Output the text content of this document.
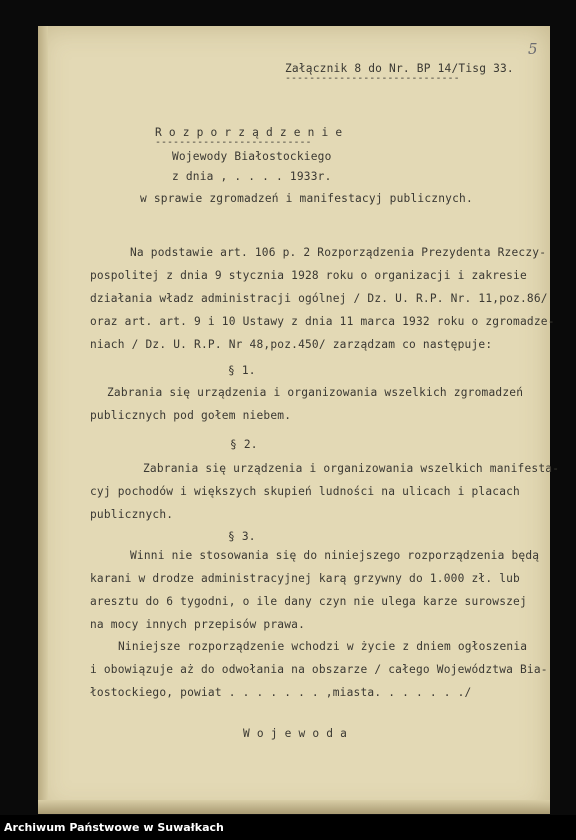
5
Załącznik 8 do Nr. BP 14/Tisg 33.
-----------------------------
R o z p o r z ą d z e n i e
--------------------------
Wojewody Białostockiego
z dnia , . . . . 1933r.
w sprawie zgromadzeń i manifestacyj publicznych.
Na podstawie art. 106 p. 2 Rozporządzenia Prezydenta Rzeczy-
pospolitej z dnia 9 stycznia 1928 roku o organizacji i zakresie
działania władz administracji ogólnej / Dz. U. R.P. Nr. 11,poz.86/
oraz art. art. 9 i 10 Ustawy z dnia 11 marca 1932 roku o zgromadze-
niach / Dz. U. R.P. Nr 48,poz.450/ zarządzam co następuje:
§ 1.
Zabrania się urządzenia i organizowania wszelkich zgromadzeń
publicznych pod gołem niebem.
§ 2.
Zabrania się urządzenia i organizowania wszelkich manifesta-
cyj pochodów i większych skupień ludności na ulicach i placach
publicznych.
§ 3.
Winni nie stosowania się do niniejszego rozporządzenia będą
karani w drodze administracyjnej karą grzywny do 1.000 zł. lub
aresztu do 6 tygodni, o ile dany czyn nie ulega karze surowszej
na mocy innych przepisów prawa.
Niniejsze rozporządzenie wchodzi w życie z dniem ogłoszenia
i obowiązuje aż do odwołania na obszarze / całego Województwa Bia-
łostockiego, powiat . . . . . . . ,miasta. . . . . . ./
W o j e w o d a
Archiwum Państwowe w Suwałkach
